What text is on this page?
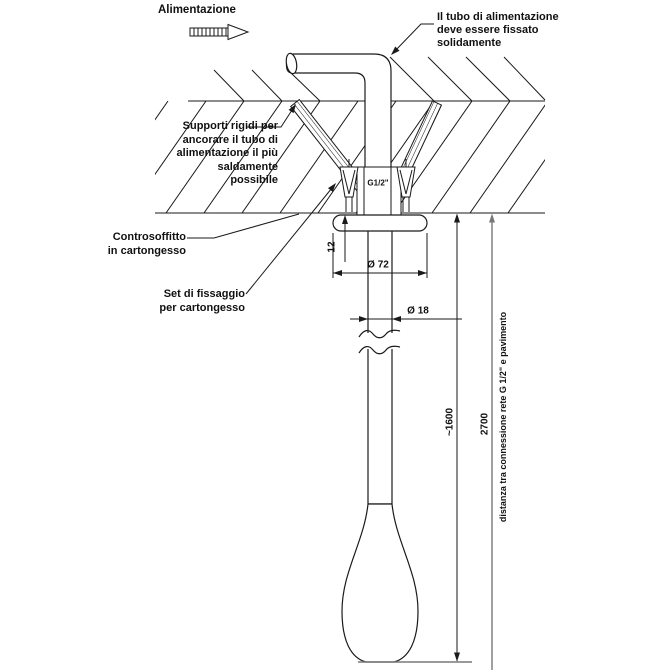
Alimentazione
Il tubo di alimentazione
deve essere fissato
solidamente
Supporti rigidi per
ancorare il tubo di
alimentazione il più
saldamente
possibile
Controsoffitto
in cartongesso
Set di fissaggio
per cartongesso
G1/2"
12
Ø 72
Ø 18
~1600 2700 distanza tra connessione rete G 1/2" e pavimento
